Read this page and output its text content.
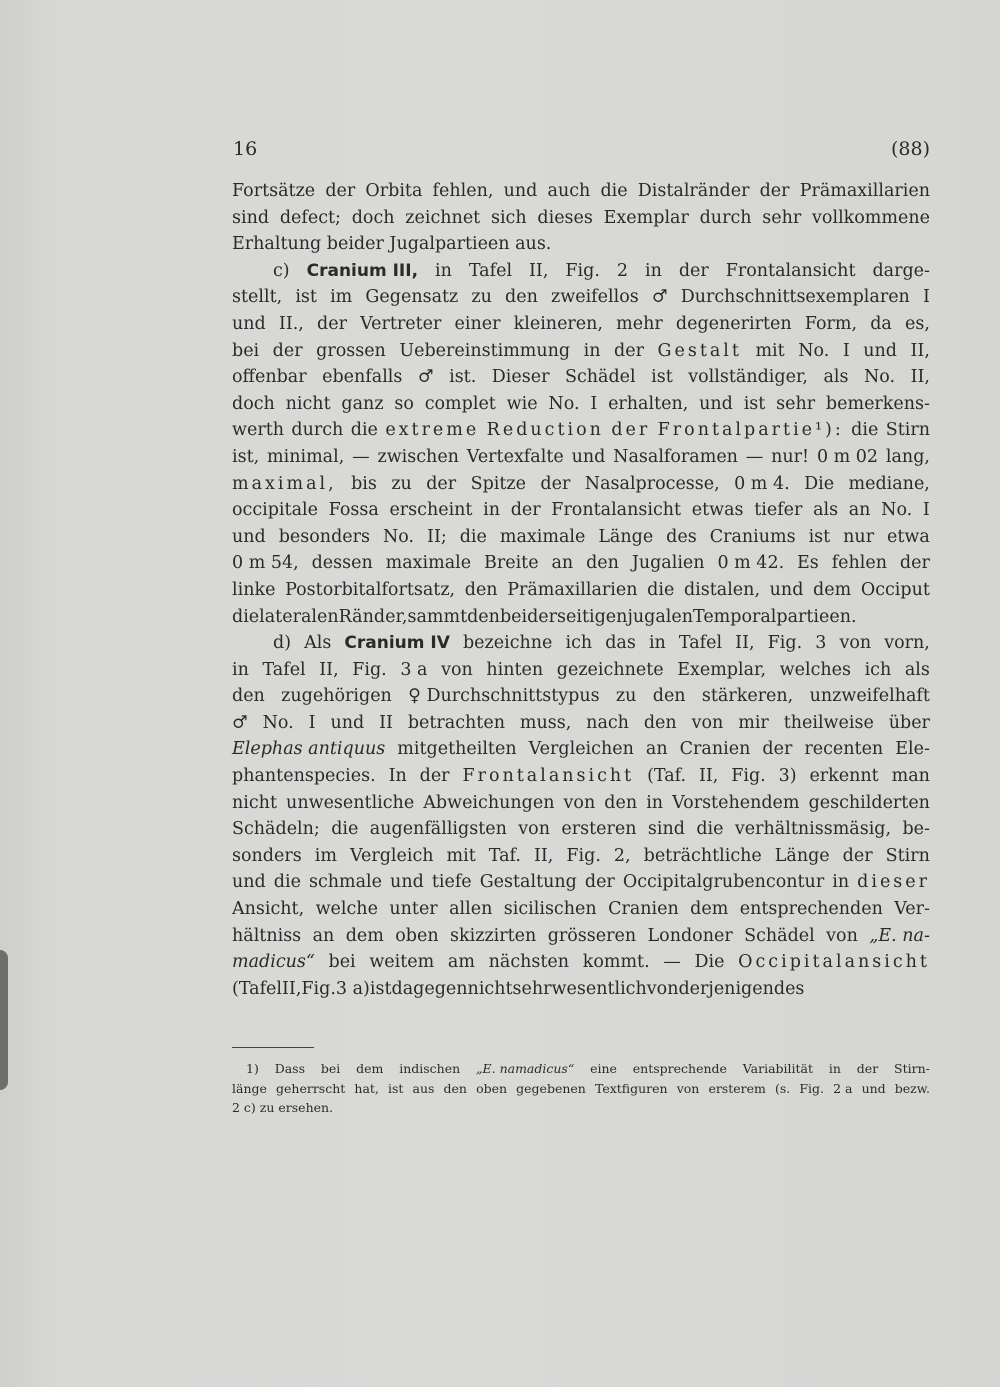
16	(88)
Fortsätze der Orbita fehlen, und auch die Distalränder der Prämaxillarien
sind defect; doch zeichnet sich dieses Exemplar durch sehr vollkommene
Erhaltung beider Jugalpartieen aus.
c) Cranium III, in Tafel II, Fig. 2 in der Frontalansicht darge-
stellt, ist im Gegensatz zu den zweifellos ♂ Durchschnittsexemplaren I
und II., der Vertreter einer kleineren, mehr degenerirten Form, da es,
bei der grossen Uebereinstimmung in der Gestalt mit No. I und II,
offenbar ebenfalls ♂ ist. Dieser Schädel ist vollständiger, als No. II,
doch nicht ganz so complet wie No. I erhalten, und ist sehr bemerkens-
werth durch die extreme Reduction der Frontalpartie¹): die Stirn
ist, minimal, — zwischen Vertexfalte und Nasalforamen — nur! 0 m 02 lang,
maximal, bis zu der Spitze der Nasalprocesse, 0 m 4. Die mediane,
occipitale Fossa erscheint in der Frontalansicht etwas tiefer als an No. I
und besonders No. II; die maximale Länge des Craniums ist nur etwa
0 m 54, dessen maximale Breite an den Jugalien 0 m 42. Es fehlen der
linke Postorbitalfortsatz, den Prämaxillarien die distalen, und dem Occiput
die lateralen Ränder, sammt den beiderseitigen jugalen Temporalpartieen.
d) Als Cranium IV bezeichne ich das in Tafel II, Fig. 3 von vorn,
in Tafel II, Fig. 3 a von hinten gezeichnete Exemplar, welches ich als
den zugehörigen ♀ Durchschnittstypus zu den stärkeren, unzweifelhaft
♂ No. I und II betrachten muss, nach den von mir theilweise über
Elephas antiquus mitgetheilten Vergleichen an Cranien der recenten Ele-
phantenspecies. In der Frontalansicht (Taf. II, Fig. 3) erkennt man
nicht unwesentliche Abweichungen von den in Vorstehendem geschilderten
Schädeln; die augenfälligsten von ersteren sind die verhältnissmäsig, be-
sonders im Vergleich mit Taf. II, Fig. 2, beträchtliche Länge der Stirn
und die schmale und tiefe Gestaltung der Occipitalgrubencontur in dieser
Ansicht, welche unter allen sicilischen Cranien dem entsprechenden Ver-
hältniss an dem oben skizzirten grösseren Londoner Schädel von „E. na-
madicus“ bei weitem am nächsten kommt. — Die Occipitalansicht
(Tafel II, Fig. 3 a) ist dagegen nicht sehr wesentlich von derjenigen des
1) Dass bei dem indischen „E. namadicus“ eine entsprechende Variabilität in der Stirn-
länge geherrscht hat, ist aus den oben gegebenen Textfiguren von ersterem (s. Fig. 2 a und bezw.
2 c) zu ersehen.
